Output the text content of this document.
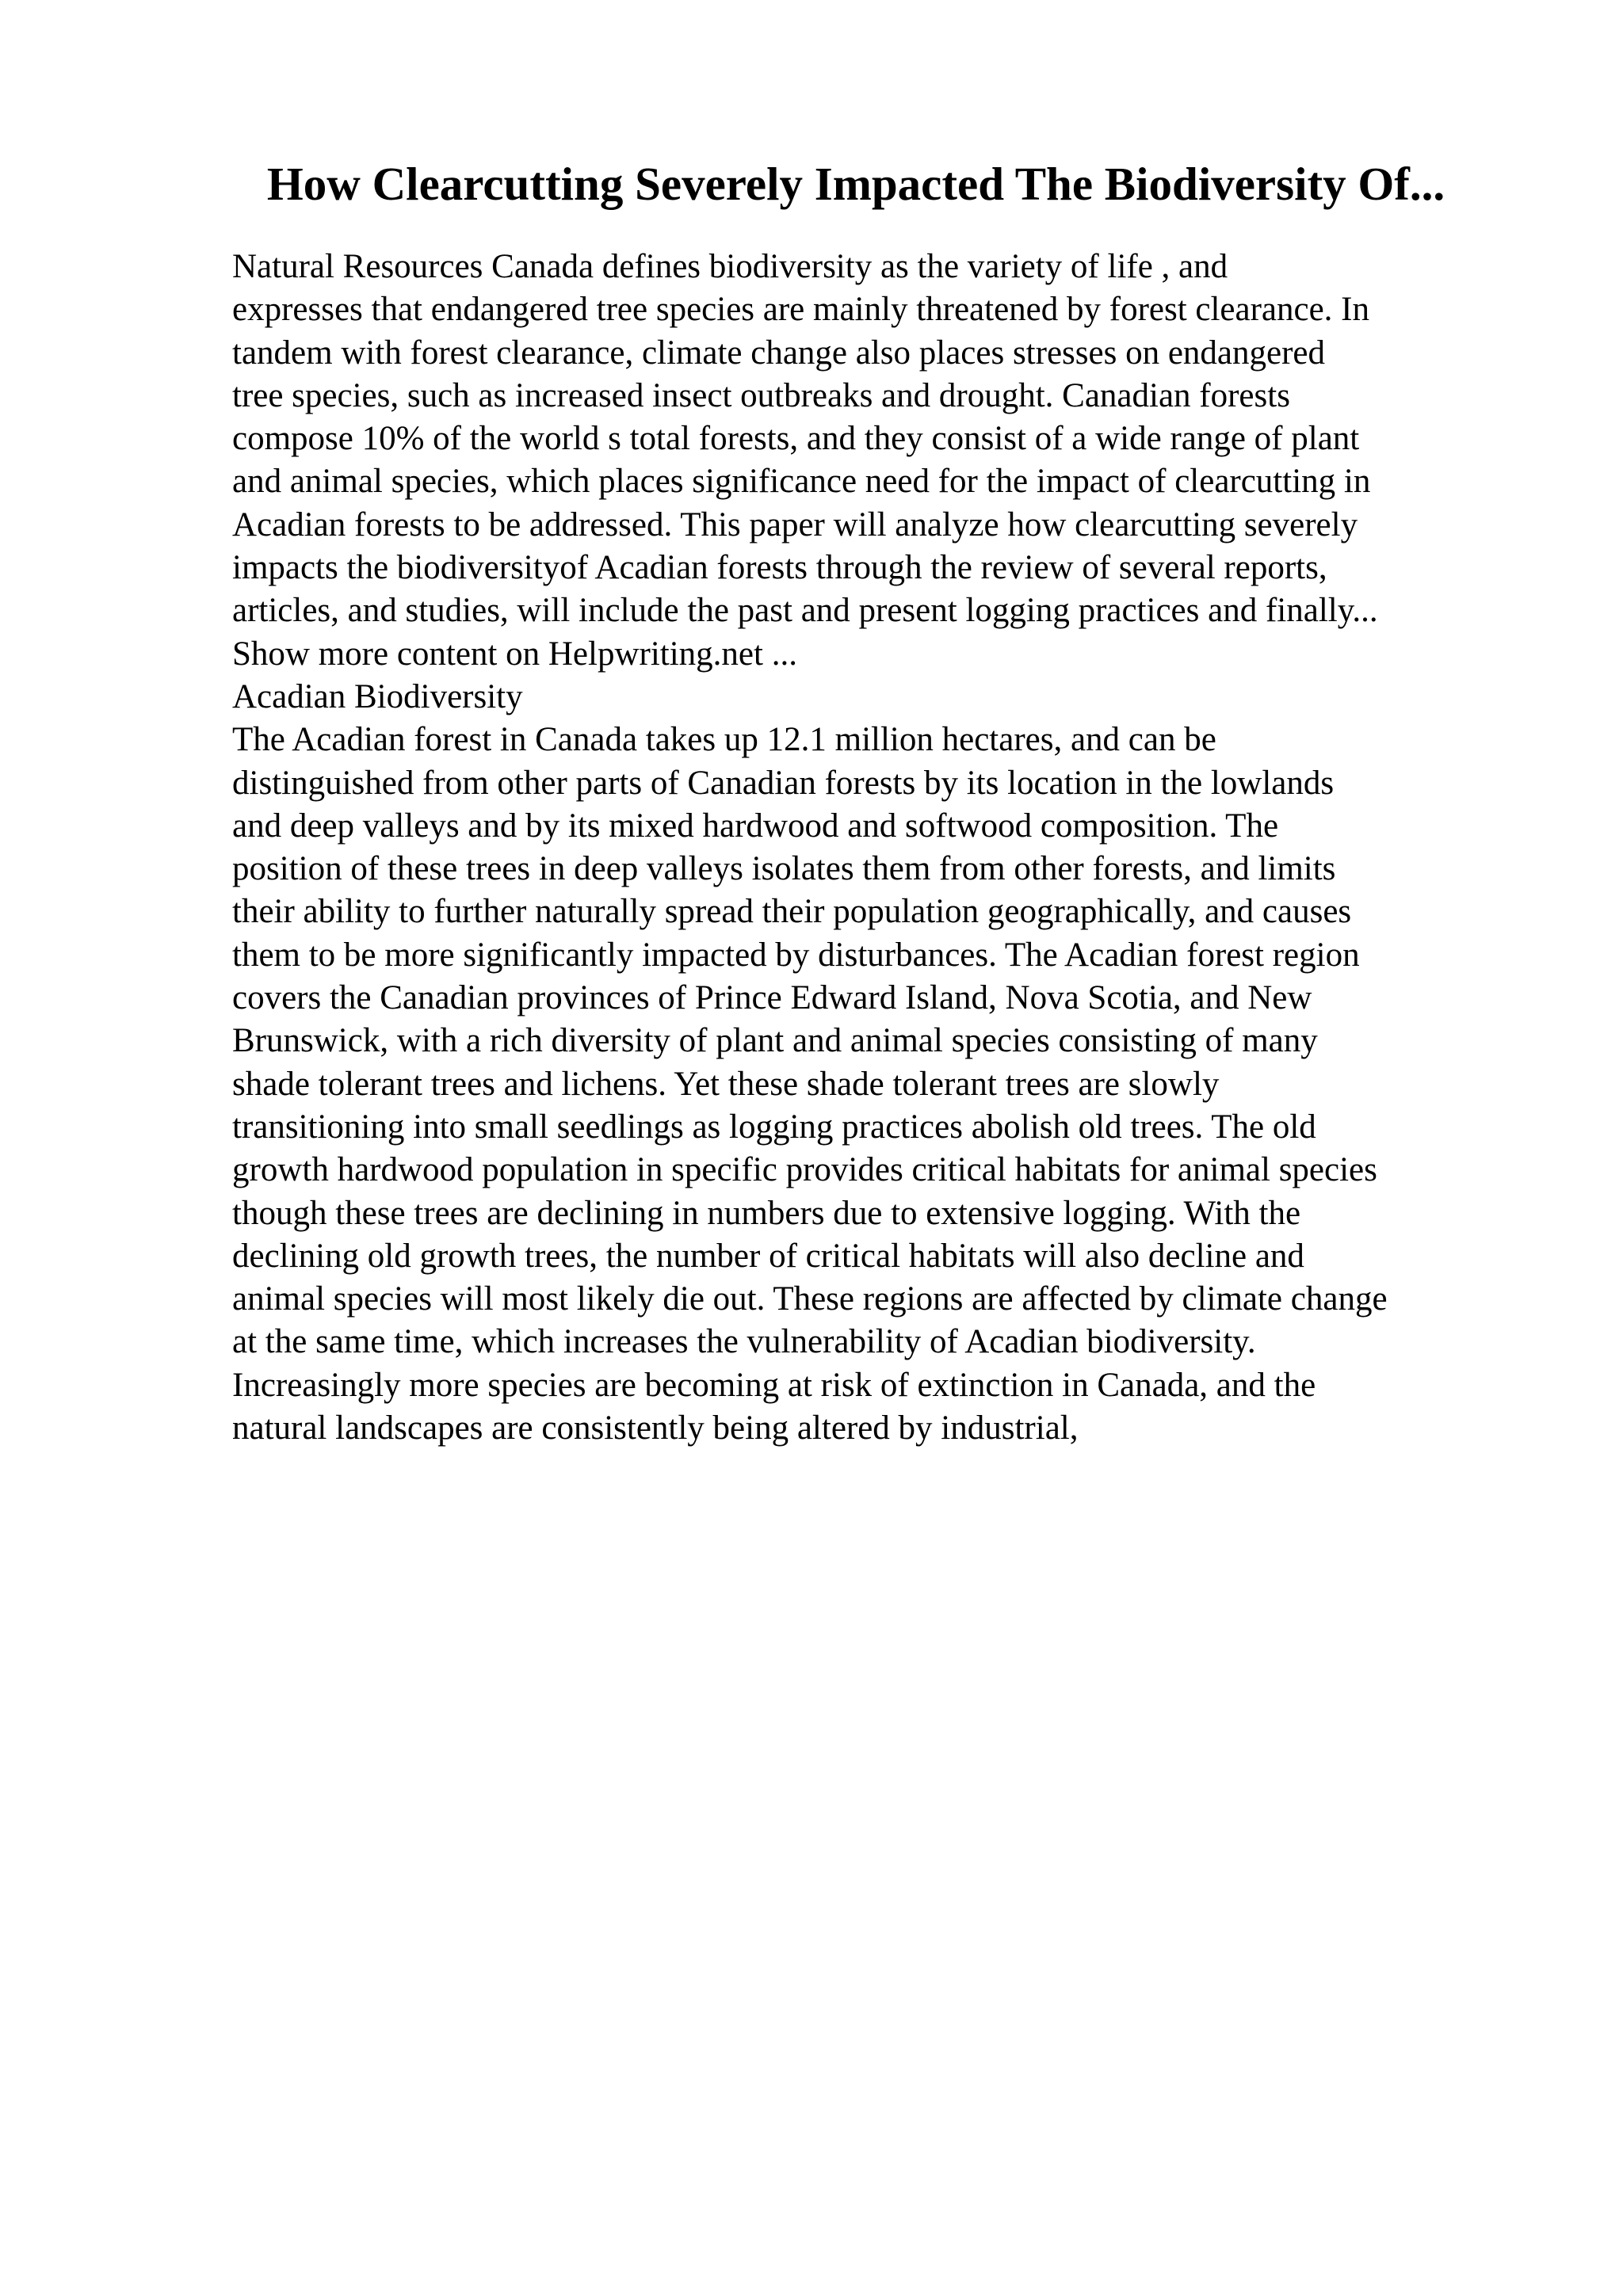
How Clearcutting Severely Impacted The Biodiversity Of...
Natural Resources Canada defines biodiversity as the variety of life , and
expresses that endangered tree species are mainly threatened by forest clearance. In
tandem with forest clearance, climate change also places stresses on endangered
tree species, such as increased insect outbreaks and drought. Canadian forests
compose 10% of the world s total forests, and they consist of a wide range of plant
and animal species, which places significance need for the impact of clearcutting in
Acadian forests to be addressed. This paper will analyze how clearcutting severely
impacts the biodiversityof Acadian forests through the review of several reports,
articles, and studies, will include the past and present logging practices and finally...
Show more content on Helpwriting.net ...
Acadian Biodiversity
The Acadian forest in Canada takes up 12.1 million hectares, and can be
distinguished from other parts of Canadian forests by its location in the lowlands
and deep valleys and by its mixed hardwood and softwood composition. The
position of these trees in deep valleys isolates them from other forests, and limits
their ability to further naturally spread their population geographically, and causes
them to be more significantly impacted by disturbances. The Acadian forest region
covers the Canadian provinces of Prince Edward Island, Nova Scotia, and New
Brunswick, with a rich diversity of plant and animal species consisting of many
shade tolerant trees and lichens. Yet these shade tolerant trees are slowly
transitioning into small seedlings as logging practices abolish old trees. The old
growth hardwood population in specific provides critical habitats for animal species
though these trees are declining in numbers due to extensive logging. With the
declining old growth trees, the number of critical habitats will also decline and
animal species will most likely die out. These regions are affected by climate change
at the same time, which increases the vulnerability of Acadian biodiversity.
Increasingly more species are becoming at risk of extinction in Canada, and the
natural landscapes are consistently being altered by industrial,
